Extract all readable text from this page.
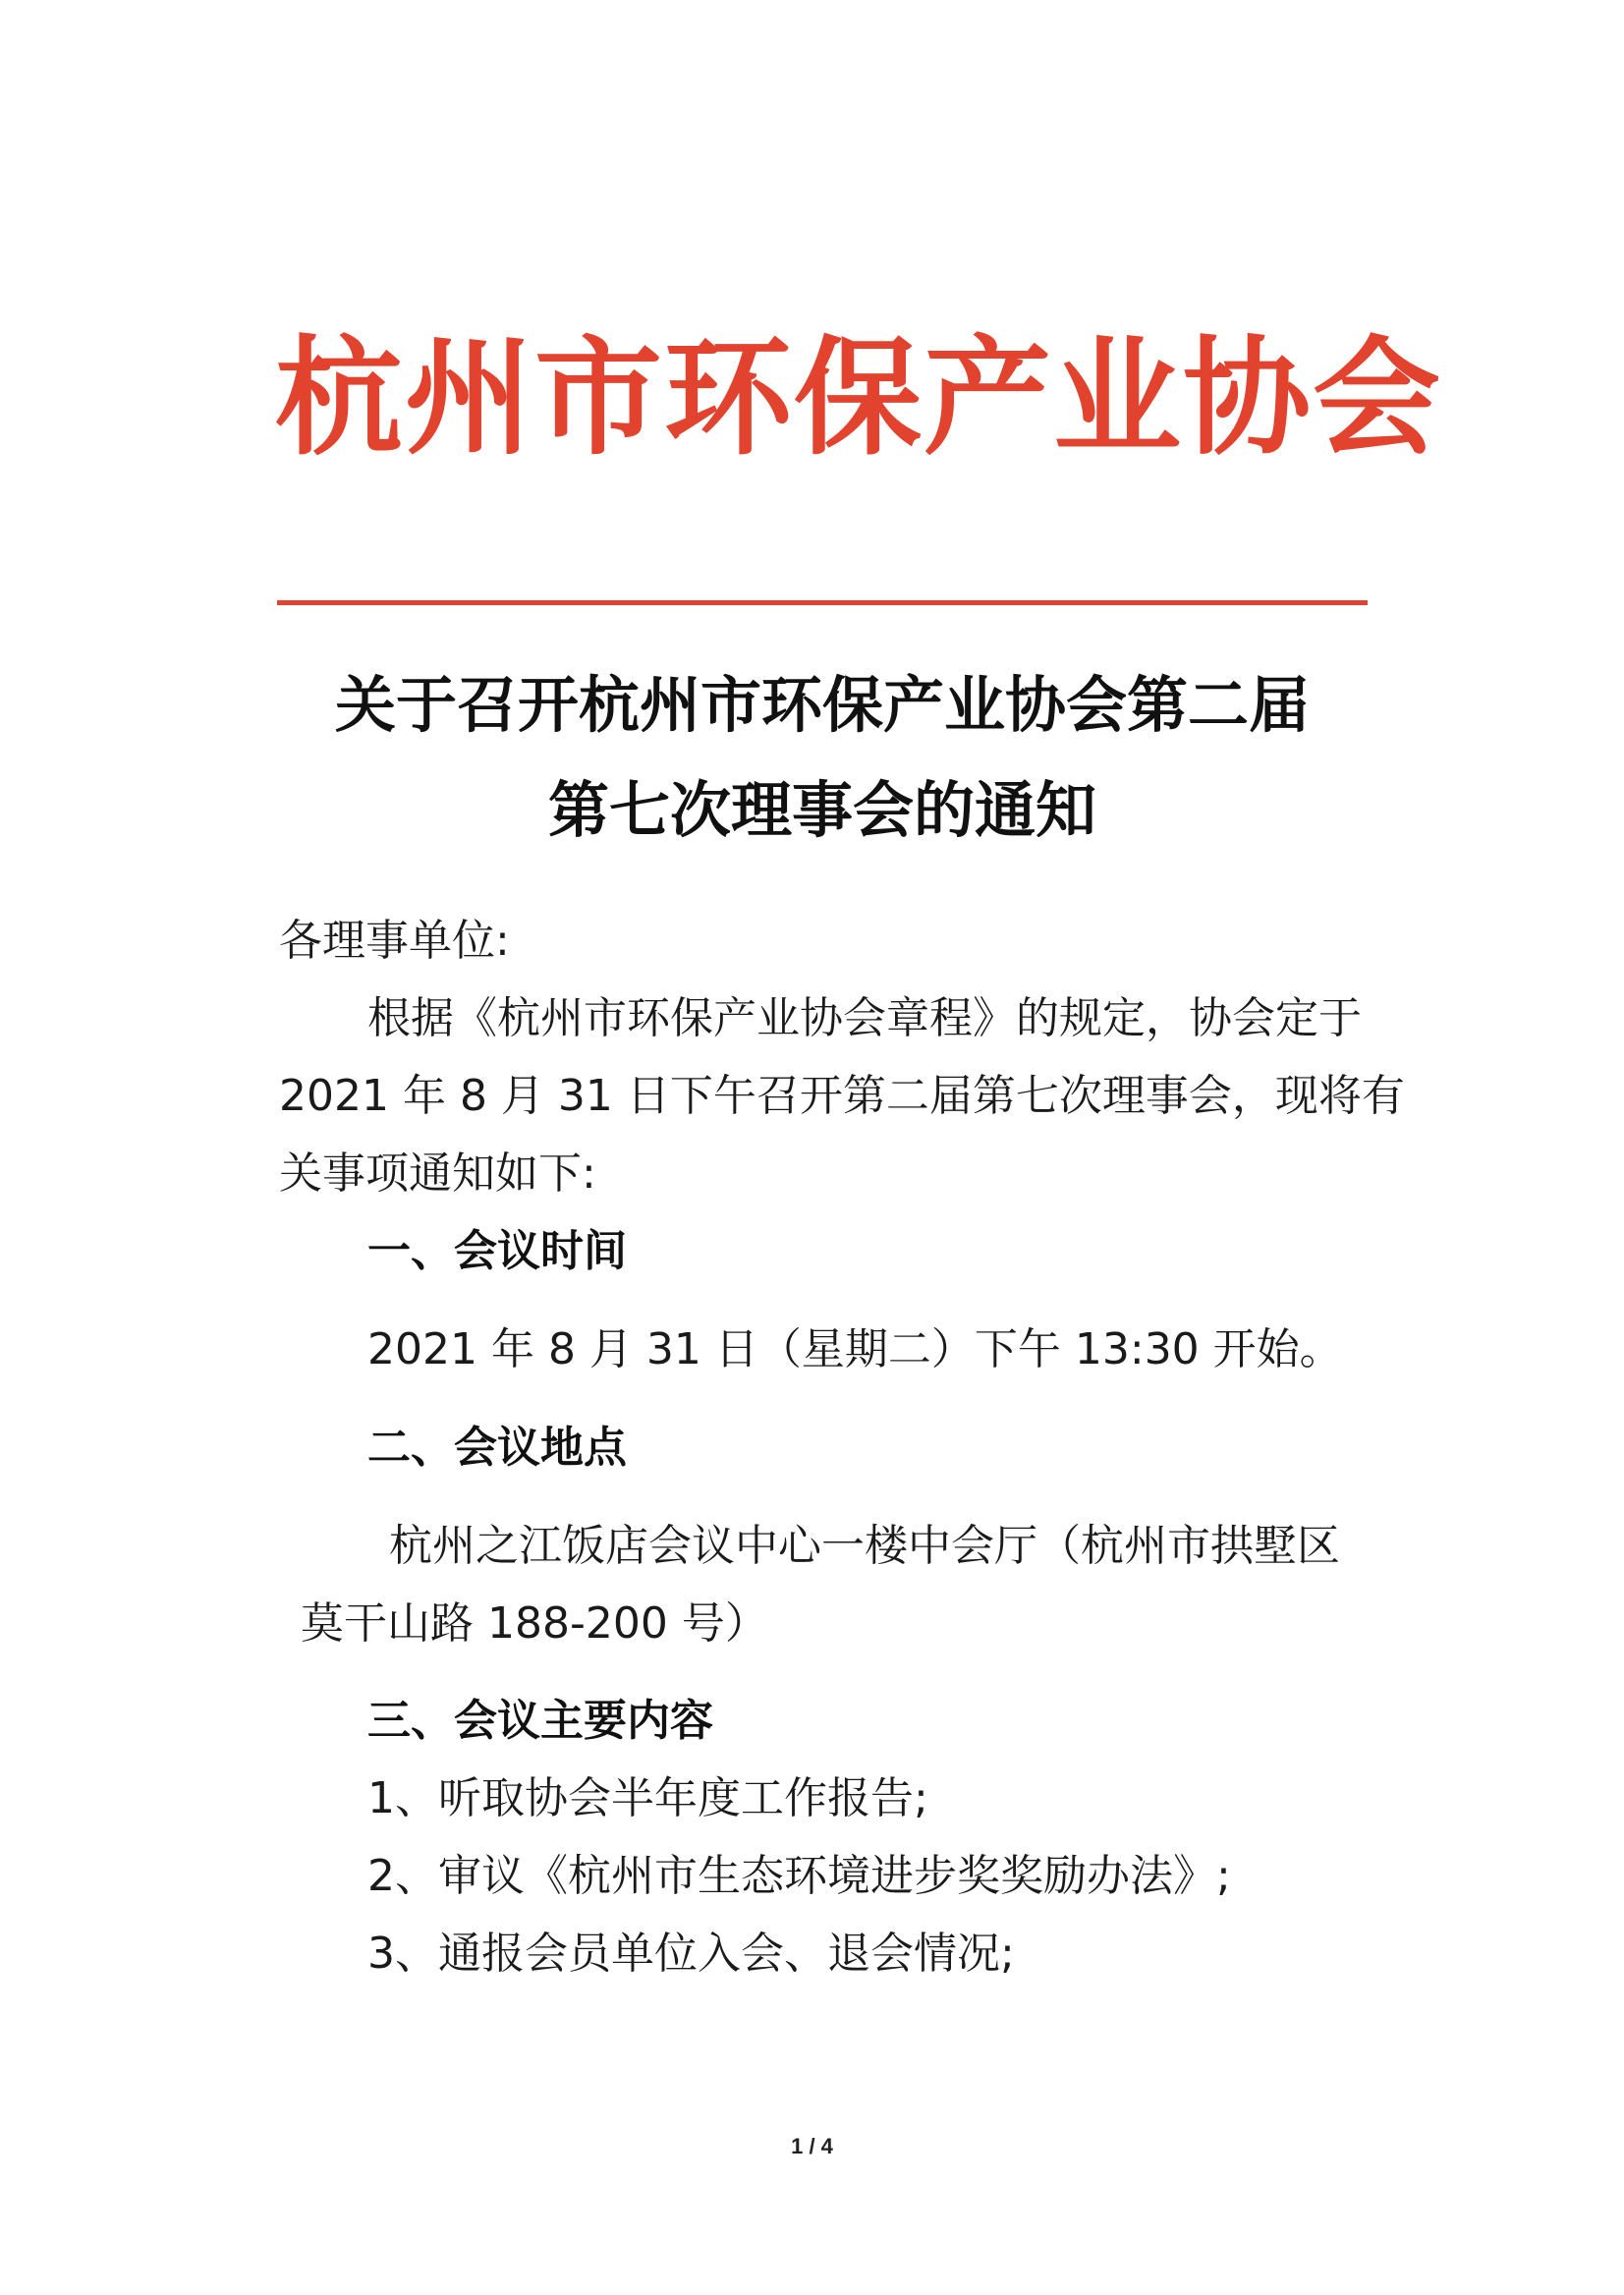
杭州市环保产业协会
关于召开杭州市环保产业协会第二届
第七次理事会的通知
各理事单位:
根据《杭州市环保产业协会章程》的规定，协会定于
2021 年 8 月 31 日下午召开第二届第七次理事会，现将有
关事项通知如下:
一、会议时间
2021 年 8 月 31 日（星期二）下午 13:30 开始。
二、会议地点
杭州之江饭店会议中心一楼中会厅（杭州市拱墅区
莫干山路 188-200 号）
三、会议主要内容
1、听取协会半年度工作报告;
2、审议《杭州市生态环境进步奖奖励办法》;
3、通报会员单位入会、退会情况;
1 / 4
